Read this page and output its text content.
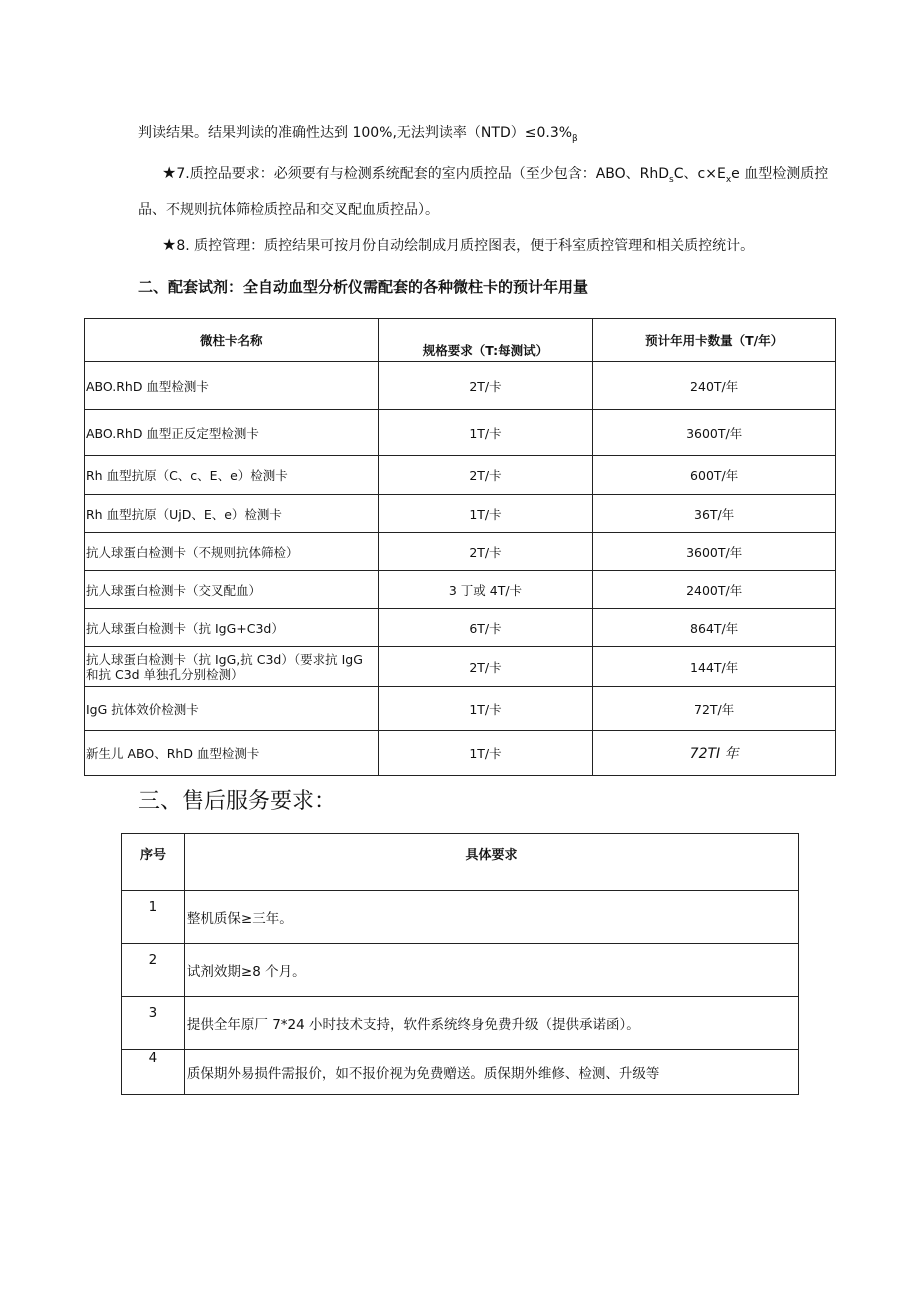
判读结果。结果判读的准确性达到 100%,无法判读率$(NTD)\le 0.3\%_\beta$

★7.质控品要求：必须要有与检测系统配套的室内质控品（至少包含：ABO、RhD$_s$C、$c\times E_xe$ 血型检测质控品、不规则抗体筛检质控品和交叉配血质控品）。

★8. 质控管理：质控结果可按月份自动绘制成月质控图表，便于科室质控管理和相关质控统计。

二、配套试剂：全自动血型分析仪需配套的各种微柱卡的预计年用量
微柱卡名称	规格要求（T:每测试）	预计年用卡数量（T/年）
ABO.RhD 血型检测卡	2T/卡	240T/年
ABO.RhD 血型正反定型检测卡	1T/卡	3600T/年
Rh 血型抗原（C、c、E、e）检测卡	2T/卡	600T/年
Rh 血型抗原（UjD、E、e）检测卡	1T/卡	36T/年
抗人球蛋白检测卡（不规则抗体筛检）	2T/卡	3600T/年
抗人球蛋白检测卡（交叉配血）	3 丁或 4T/卡	2400T/年
抗人球蛋白检测卡（抗 IgG+C3d）	6T/卡	864T/年
抗人球蛋白检测卡（抗 IgG,抗 C3d）（要求抗 IgG 和抗 C3d 单独孔分别检测）	2T/卡	144T/年
IgG 抗体效价检测卡	1T/卡	72T/年
新生儿 ABO、RhD 血型检测卡	1T/卡	72TI 年
三、售后服务要求：
序号	具体要求
1	整机质保≥三年。
2	试剂效期≥8 个月。
3	提供全年原厂 7*24 小时技术支持，软件系统终身免费升级（提供承诺函）。
4	质保期外易损件需报价，如不报价视为免费赠送。质保期外维修、检测、升级等
